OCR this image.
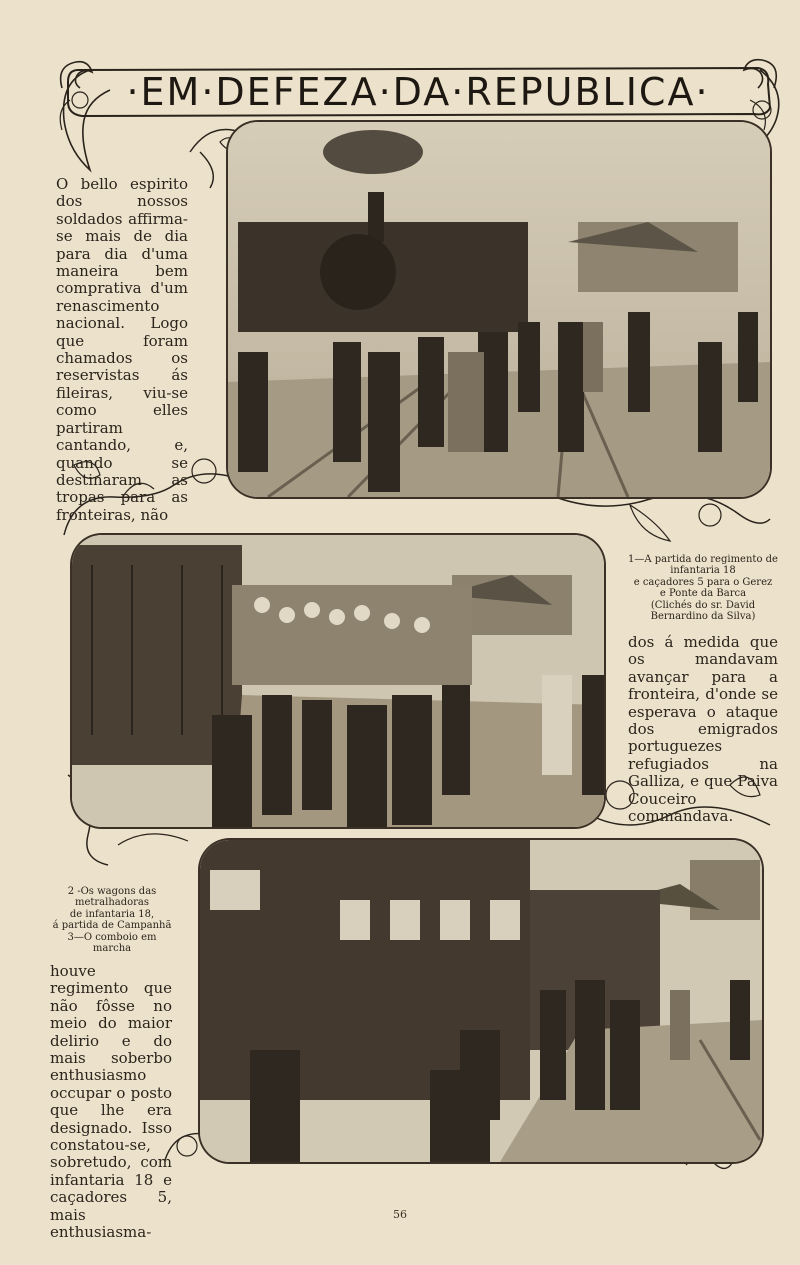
·EM·DEFEZA·DA·REPUBLICA·

O bello espirito dos nossos soldados affirma-se mais de dia para dia d'uma maneira bem comprativa d'um renascimento nacional. Logo que foram chamados os reservistas ás fileiras, viu-se como elles partiram cantando, e, quando se destinaram as tropas para as fronteiras, não

1—A partida do regimento de infantaria 18
e caçadores 5 para o Gerez
e Ponte da Barca
(Clichés do sr. David
Bernardino da Silva)

dos á medida que os mandavam avançar para a fronteira, d'onde se esperava o ataque dos emigrados portuguezes refugiados na Galliza, e que Paiva Couceiro commandava.

2 -Os wagons das metralhadoras
de infantaria 18,
á partida de Campanhã
3—O comboio em
marcha

houve regimento que não fôsse no meio do maior delirio e do mais soberbo enthusiasmo occupar o posto que lhe era designado. Isso constatou-se, sobretudo, com infantaria 18 e caçadores 5, mais enthusiasma-

56
